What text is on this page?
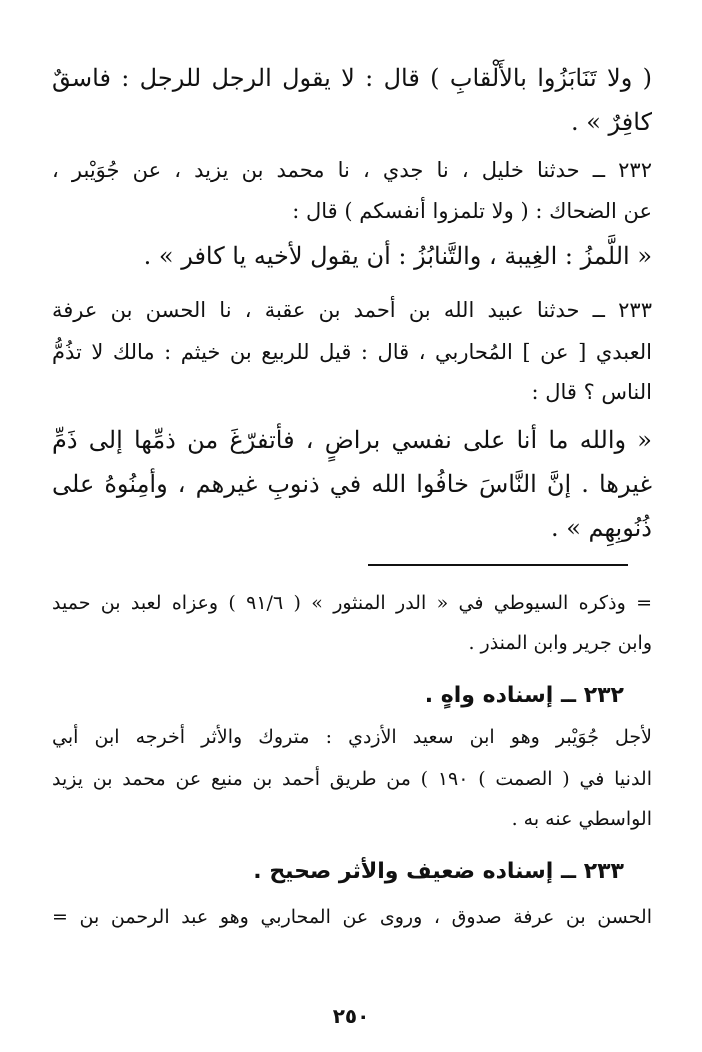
( ولا تَنَابَزُوا بالأَلْقابِ ) قال : لا يقول الرجل للرجل : فاسقٌ
كافِرٌ » .
٢٣٢ ــ حدثنا خليل ، نا جدي ، نا محمد بن يزيد ، عن جُوَيْبر ،
عن الضحاك : ( ولا تلمزوا أنفسكم ) قال :
« اللَّمزُ : الغِيبة ، والتَّنابُزُ : أن يقول لأخيه يا كافر » .
٢٣٣ ــ حدثنا عبيد الله بن أحمد بن عقبة ، نا الحسن بن عرفة
العبدي [ عن ] المُحاربي ، قال : قيل للربيع بن خيثم : مالك لا تذُمُّ
الناس ؟ قال :
« والله ما أنا على نفسي براضٍ ، فأتفرّغَ من ذمِّها إلى ذَمِّ
غيرها . إنَّ النَّاسَ خافُوا الله في ذنوبِ غيرهم ، وأمِنُوهُ على
ذُنُوبِهِم » .
= وذكره السيوطي في « الدر المنثور » ( ٩١/٦ ) وعزاه لعبد بن حميد
وابن جرير وابن المنذر .
٢٣٢ ــ إسناده واهٍ .
لأجل جُوَيْبر وهو ابن سعيد الأزدي : متروك والأثر أخرجه ابن أبي
الدنيا في ( الصمت ) ١٩٠ ) من طريق أحمد بن منيع عن محمد بن يزيد
الواسطي عنه به .
٢٣٣ ــ إسناده ضعيف والأثر صحيح .
الحسن بن عرفة صدوق ، وروى عن المحاربي وهو عبد الرحمن بن =
٢٥٠
